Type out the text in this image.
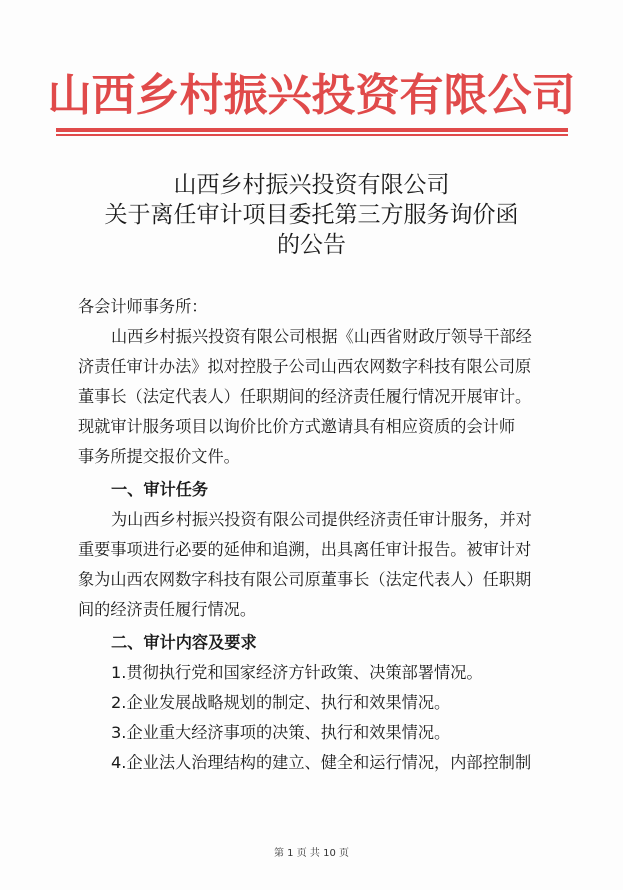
山西乡村振兴投资有限公司
山西乡村振兴投资有限公司
关于离任审计项目委托第三方服务询价函
的公告
各会计师事务所：
山西乡村振兴投资有限公司根据《山西省财政厅领导干部经
济责任审计办法》拟对控股子公司山西农网数字科技有限公司原
董事长（法定代表人）任职期间的经济责任履行情况开展审计。
现就审计服务项目以询价比价方式邀请具有相应资质的会计师
事务所提交报价文件。
一、审计任务
为山西乡村振兴投资有限公司提供经济责任审计服务，并对
重要事项进行必要的延伸和追溯，出具离任审计报告。被审计对
象为山西农网数字科技有限公司原董事长（法定代表人）任职期
间的经济责任履行情况。
二、审计内容及要求
1.贯彻执行党和国家经济方针政策、决策部署情况。
2.企业发展战略规划的制定、执行和效果情况。
3.企业重大经济事项的决策、执行和效果情况。
4.企业法人治理结构的建立、健全和运行情况，内部控制制
第 1 页 共 10 页
